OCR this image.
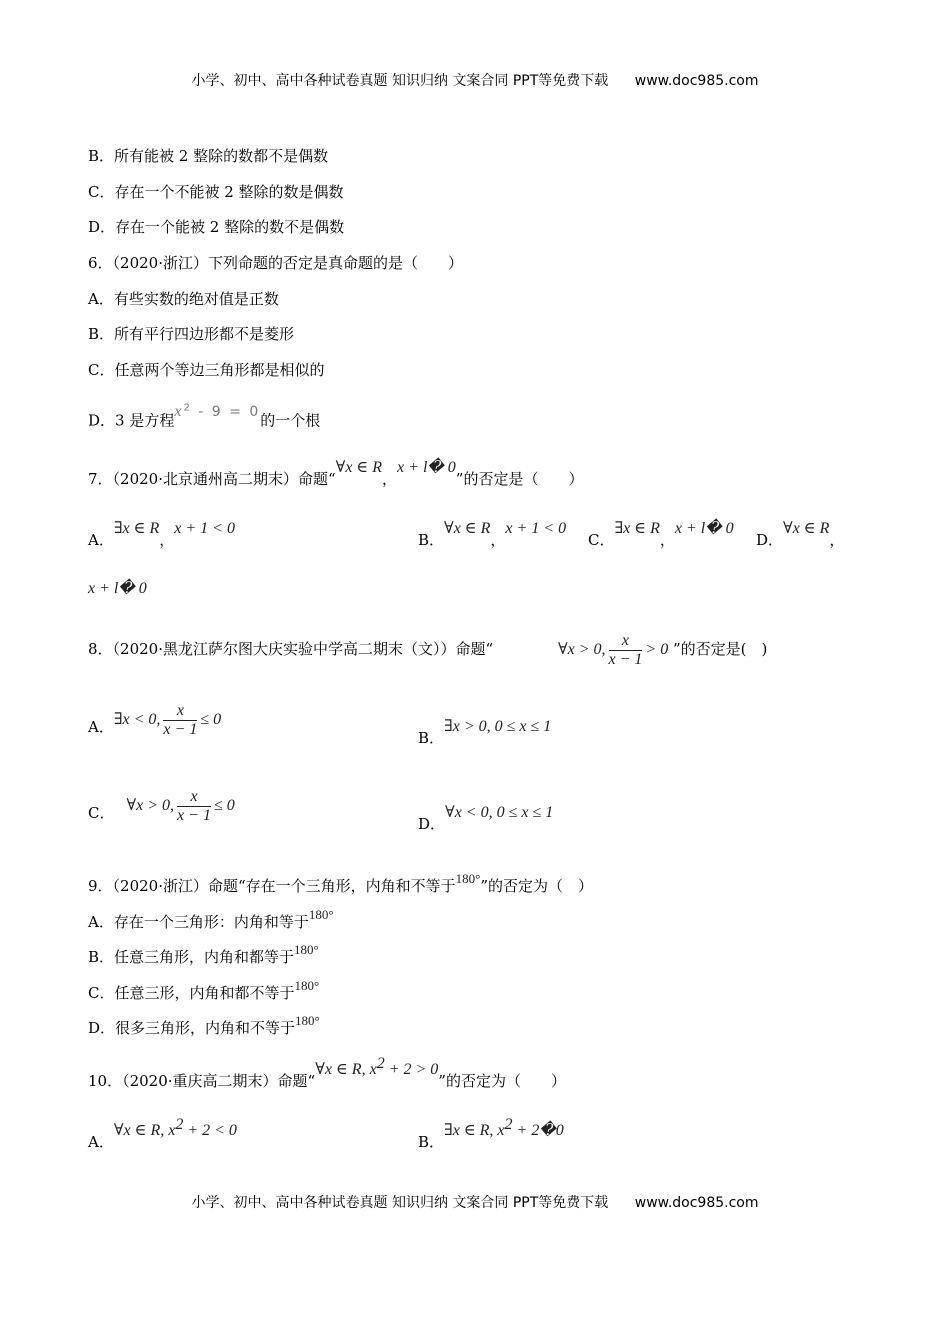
小学、初中、高中各种试卷真题 知识归纳 文案合同 PPT等免费下载 www.doc985.com
B．所有能被 2 整除的数都不是偶数
C．存在一个不能被 2 整除的数是偶数
D．存在一个能被 2 整除的数不是偶数
6．（2020·浙江）下列命题的否定是真命题的是（　　）
A．有些实数的绝对值是正数
B．所有平行四边形都不是菱形
C．任意两个等边三角形都是相似的
D．3 是方程$x^2 - 9 = 0$的一个根
7．（2020·北京通州高二期末）命题“∀x ∈ R，x + l� 0”的否定是（　　）
A．∃x ∈ R，x + 1 < 0
B．∀x ∈ R，x + 1 < 0
C．∃x ∈ R，x + l� 0
D．∀x ∈ R，
x + l� 0
8．（2020·黑龙江萨尔图大庆实验中学高二期末（文））命题“	∀x > 0, $\frac{x}{x - 1} > 0$ ”的否定是(　)
A．∃x < 0, $\frac{x}{x - 1} \le 0$
B．∃x > 0, 0 ≤ x ≤ 1
C． ∀x > 0, $\frac{x}{x - 1} \le 0$
D．∀x < 0, 0 ≤ x ≤ 1
9．（2020·浙江）命题“存在一个三角形，内角和不等于180°”的否定为（　）
A．存在一个三角形：内角和等于180°
B．任意三角形，内角和都等于180°
C．任意三形，内角和都不等于180°
D．很多三角形，内角和不等于180°
10．（2020·重庆高二期末）命题“∀x ∈ R, $x^2 + 2 > 0$”的否定为（　　）
A．∀x ∈ R, $x^2 + 2 < 0$
B．∃x ∈ R, $x^2$ + 2�0
小学、初中、高中各种试卷真题 知识归纳 文案合同 PPT等免费下载 www.doc985.com
